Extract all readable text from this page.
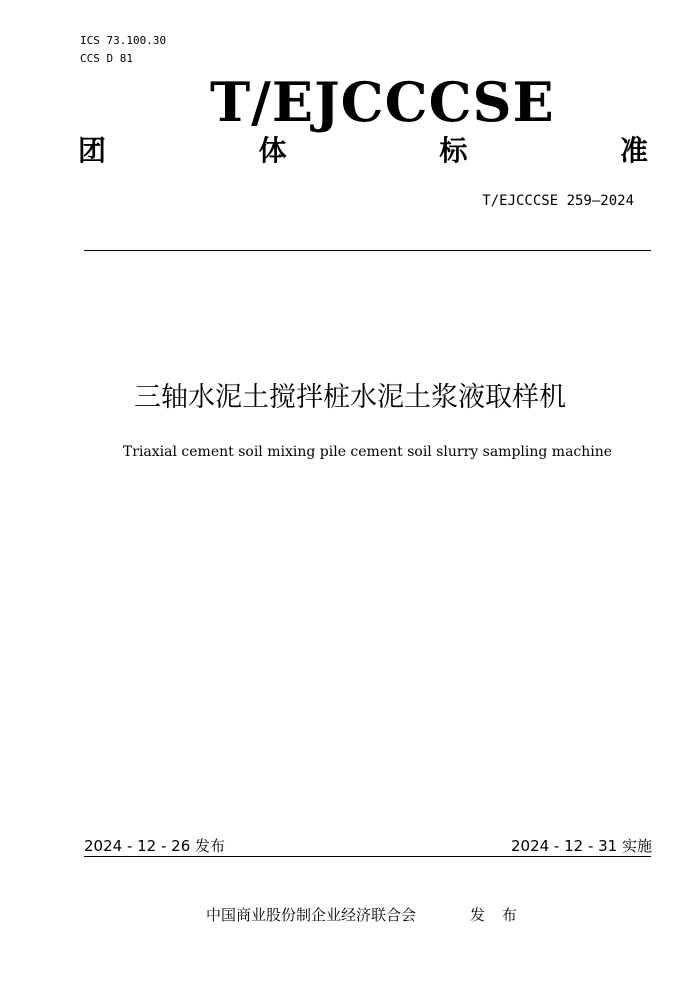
ICS 73.100.30
CCS D 81
T/EJCCCSE
团	体	标	准
T/EJCCCSE 259—2024
三轴水泥土搅拌桩水泥土浆液取样机
Triaxial cement soil mixing pile cement soil slurry sampling machine
2024 - 12 - 26 发布	2024 - 12 - 31 实施
中国商业股份制企业经济联合会	发 布
